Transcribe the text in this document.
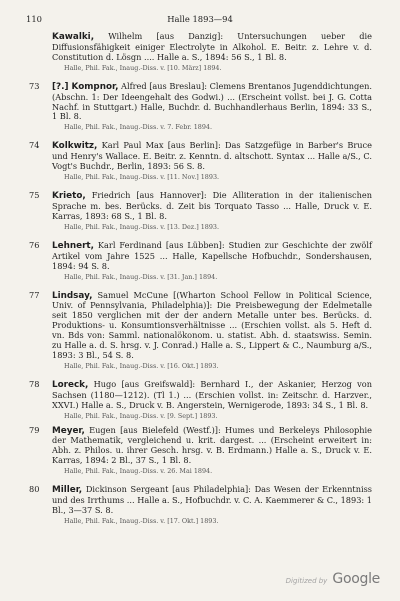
110	Halle 1893—94
Kawalki, Wilhelm [aus Danzig]: Untersuchungen ueber die Diffusionsfähigkeit einiger Electrolyte in Alkohol. E. Beitr. z. Lehre v. d. Constitution d. Lösgn .... Halle a. S., 1894: 56 S., 1 Bl. 8.
Halle, Phil. Fak., Inaug.-Diss. v. [10. März] 1894.
73 [?.] Kompnor, Alfred [aus Breslau]: Clemens Brentanos Jugenddichtungen. (Abschn. 1: Der Ideengehalt des Godwi.) ... (Erscheint vollst. bei J. G. Cotta Nachf. in Stuttgart.) Halle, Buchdr. d. Buchhandlerhaus Berlin, 1894: 33 S., 1 Bl. 8.
Halle, Phil. Fak., Inaug.-Diss. v. 7. Febr. 1894.
74 Kolkwitz, Karl Paul Max [aus Berlin]: Das Satzgefüge in Barber's Bruce und Henry's Wallace. E. Beitr. z. Kenntn. d. altschott. Syntax ... Halle a/S., C. Vogt's Buchdr., Berlin, 1893: 56 S. 8.
Halle, Phil. Fak., Inaug.-Diss. v. [11. Nov.] 1893.
75 Krieto, Friedrich [aus Hannover]: Die Alliteration in der italienischen Sprache m. bes. Berücks. d. Zeit bis Torquato Tasso ... Halle, Druck v. E. Karras, 1893: 68 S., 1 Bl. 8.
Halle, Phil. Fak., Inaug.-Diss. v. [13. Dez.] 1893.
76 Lehnert, Karl Ferdinand [aus Lübben]: Studien zur Geschichte der zwölf Artikel vom Jahre 1525 ... Halle, Kapellsche Hofbuchdr., Sondershausen, 1894: 94 S. 8.
Halle, Phil. Fak., Inaug.-Diss. v. [31. Jan.] 1894.
77 Lindsay, Samuel McCune [(Wharton School Fellow in Political Science, Univ. of Pennsylvania, Philadelphia)]: Die Preisbewegung der Edelmetalle seit 1850 verglichen mit der der andern Metalle unter bes. Berücks. d. Produktions- u. Konsumtionsverhältnisse ... (Erschien vollst. als 5. Heft d. vn. Bds von: Samml. nationalökonom. u. statist. Abh. d. staatswiss. Semin. zu Halle a. d. S. hrsg. v. J. Conrad.) Halle a. S., Lippert & C., Naumburg a/S., 1893: 3 Bl., 54 S. 8.
Halle, Phil. Fak., Inaug.-Diss. v. [16. Okt.] 1893.
78 Loreck, Hugo [aus Greifswald]: Bernhard I., der Askanier, Herzog von Sachsen (1180—1212). (Tl 1.) ... (Erschien vollst. in: Zeitschr. d. Harzver., XXVI.) Halle a. S., Druck v. B. Angerstein, Wernigerode, 1893: 34 S., 1 Bl. 8.
Halle, Phil. Fak., Inaug.-Diss. v. [9. Sept.] 1893.
79 Meyer, Eugen [aus Bielefeld (Westf.)]: Humes und Berkeleys Philosophie der Mathematik, vergleichend u. krit. dargest. ... (Erscheint erweitert in: Abh. z. Philos. u. ihrer Gesch. hrsg. v. B. Erdmann.) Halle a. S., Druck v. E. Karras, 1894: 2 Bl., 37 S., 1 Bl. 8.
Halle, Phil. Fak., Inaug.-Diss. v. 26. Mai 1894.
80 Miller, Dickinson Sergeant [aus Philadelphia]: Das Wesen der Erkenntniss und des Irrthums ... Halle a. S., Hofbuchdr. v. C. A. Kaemmerer & C., 1893: 1 Bl., 3—37 S. 8.
Halle, Phil. Fak., Inaug.-Diss. v. [17. Okt.] 1893.
Digitized by Google
